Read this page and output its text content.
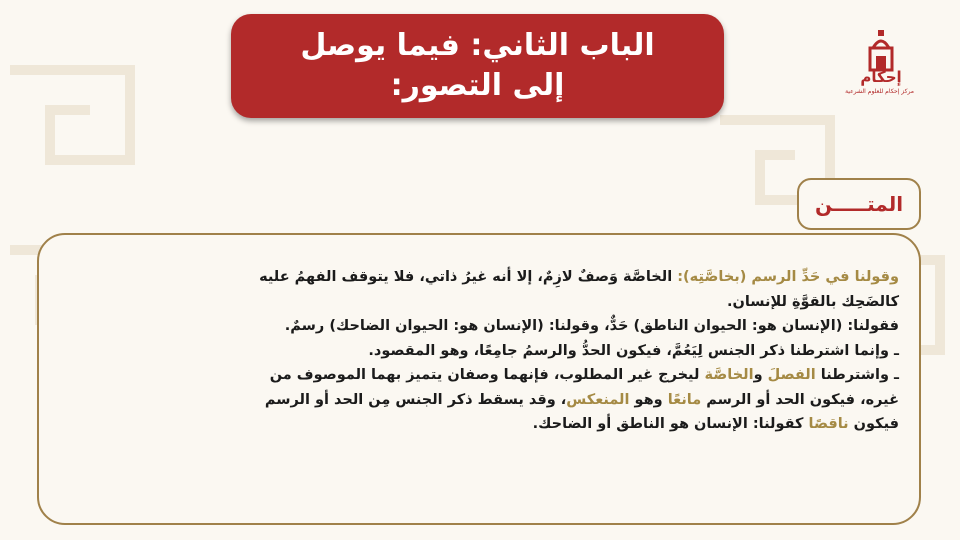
الباب الثاني: فيما يوصل
إلى التصور:	إحكام
مركز إحكام للعلوم الشرعية
المتـــــن
وقولنا في حَدِّ الرسم (بخاصَّتِه): الخاصَّة وَصفٌ لازِمٌ، إلا أنه غيرُ ذاتي، فلا يتوقف الفهمُ عليه
كالضَحِك بالقوَّةِ للإنسان.
فقولنا: (الإنسان هو: الحيوان الناطق) حَدٌّ، وقولنا: (الإنسان هو: الحيوان الضاحك) رسمٌ.
ـ وإنما اشترطنا ذكر الجنس لِيَعُمَّ، فيكون الحدُّ والرسمُ جامِعًا، وهو المقصود.
ـ واشترطنا الفصلَ والخاصَّة ليخرج غير المطلوب، فإنهما وصفان يتميز بهما الموصوف من
غيره، فيكون الحد أو الرسم مانعًا وهو المنعكس، وقد يسقط ذكر الجنس مِن الحد أو الرسم
فيكون ناقصًا كقولنا: الإنسان هو الناطق أو الضاحك.
